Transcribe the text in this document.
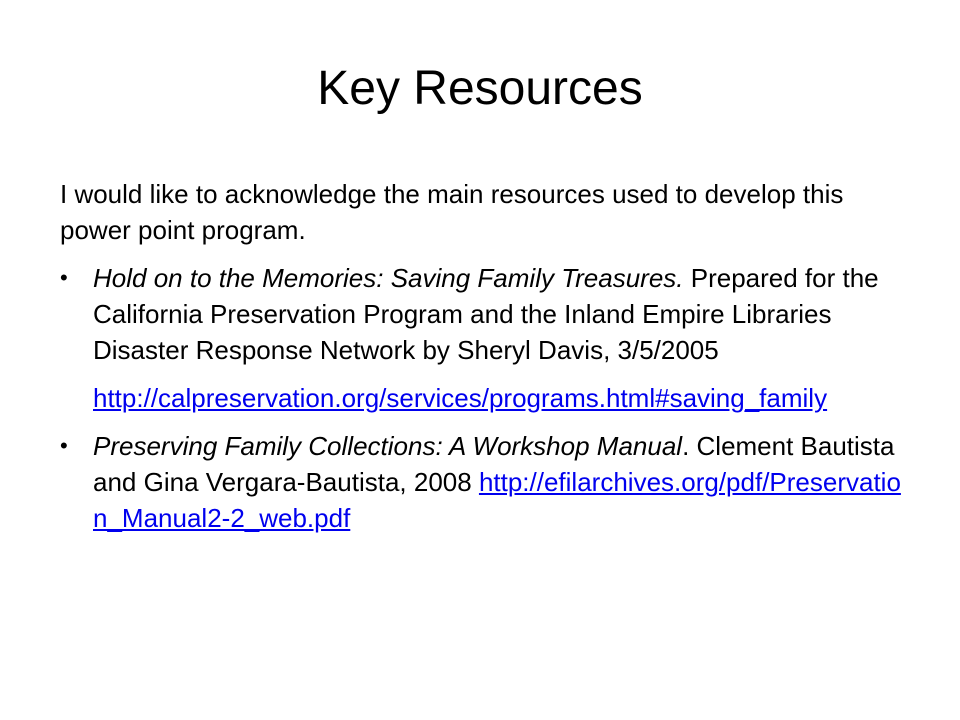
Key Resources

I would like to acknowledge the main resources used to develop this power point program.

• Hold on to the Memories: Saving Family Treasures. Prepared for the California Preservation Program and the Inland Empire Libraries Disaster Response Network by Sheryl Davis, 3/5/2005
http://calpreservation.org/services/programs.html#saving_family
• Preserving Family Collections: A Workshop Manual. Clement Bautista and Gina Vergara-Bautista, 2008 http://efilarchives.org/pdf/Preservation_Manual2-2_web.pdf
